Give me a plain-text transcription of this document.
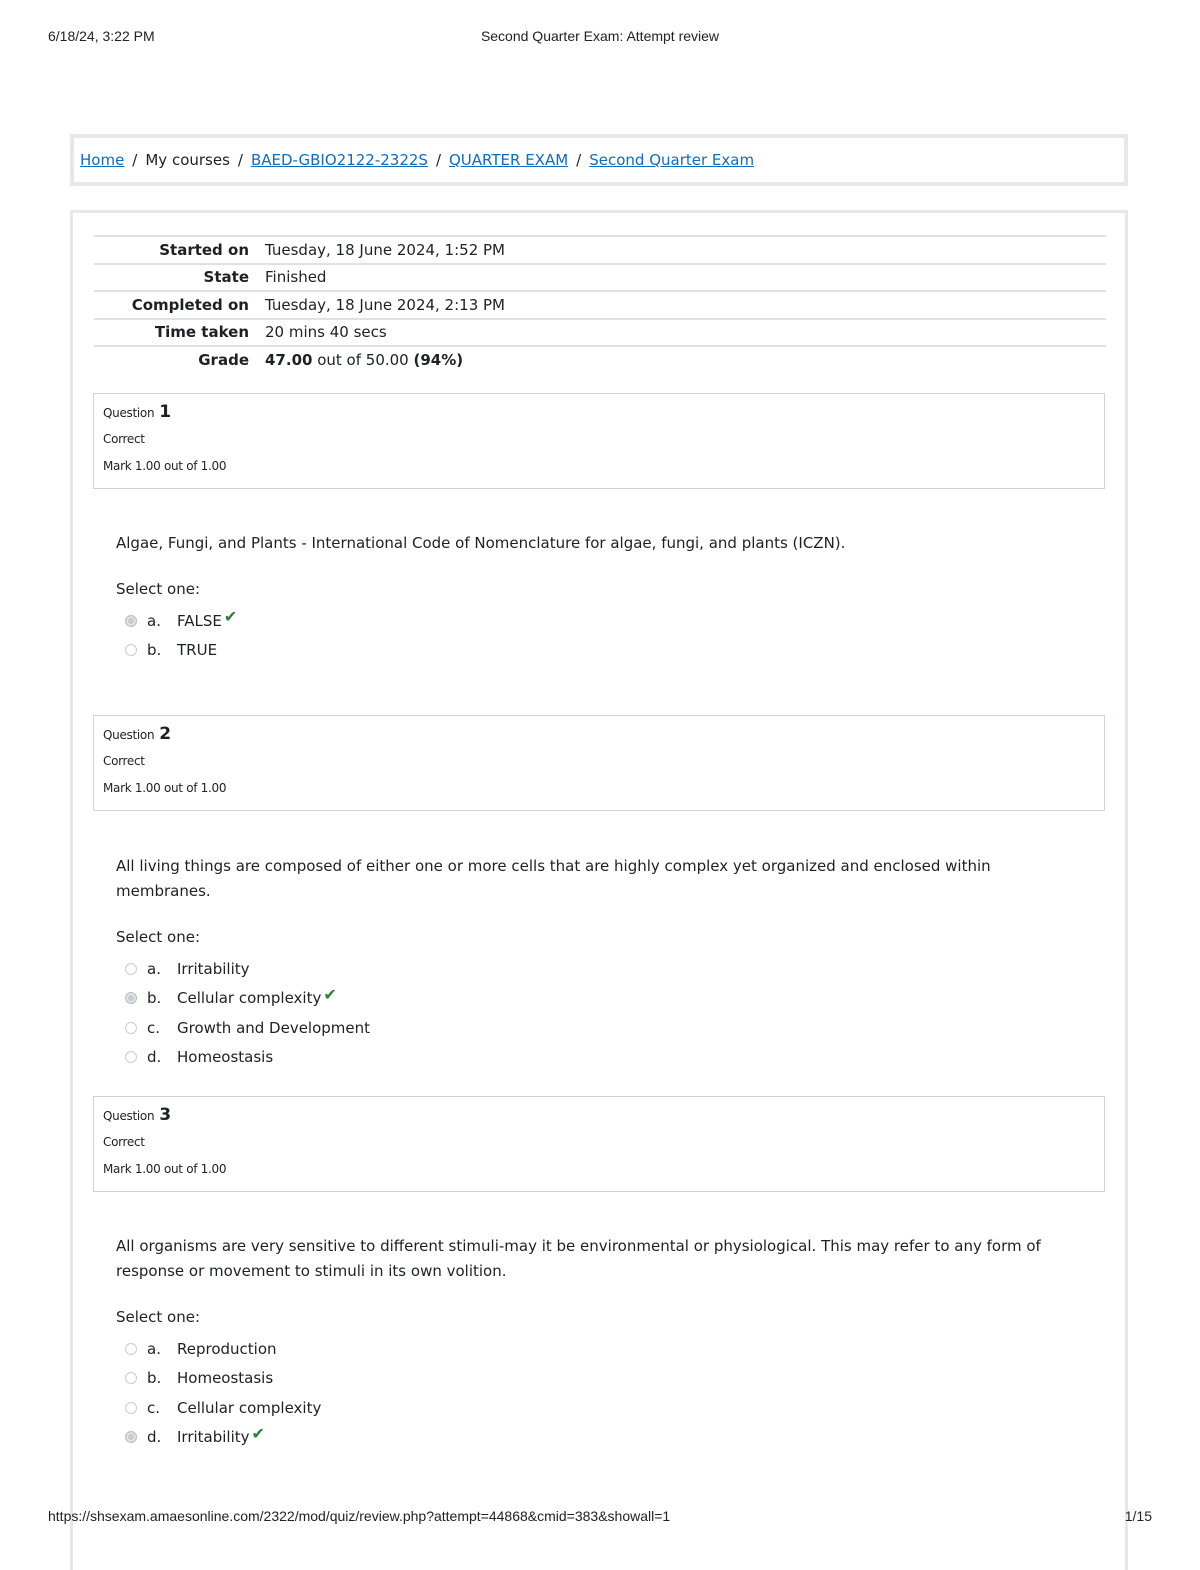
6/18/24, 3:22 PM	Second Quarter Exam: Attempt review
Home / My courses / BAED-GBIO2122-2322S / QUARTER EXAM / Second Quarter Exam
Started on	Tuesday, 18 June 2024, 1:52 PM
State	Finished
Completed on	Tuesday, 18 June 2024, 2:13 PM
Time taken	20 mins 40 secs
Grade	47.00 out of 50.00 (94%)
Question 1
Correct
Mark 1.00 out of 1.00

Algae, Fungi, and Plants - International Code of Nomenclature for algae, fungi, and plants (ICZN).

Select one:
a.	FALSE ✔
b.	TRUE
Question 2
Correct
Mark 1.00 out of 1.00

All living things are composed of either one or more cells that are highly complex yet organized and enclosed within membranes.

Select one:
a.	Irritability
b.	Cellular complexity ✔
c.	Growth and Development
d.	Homeostasis
Question 3
Correct
Mark 1.00 out of 1.00

All organisms are very sensitive to different stimuli-may it be environmental or physiological. This may refer to any form of response or movement to stimuli in its own volition.

Select one:
a.	Reproduction
b.	Homeostasis
c.	Cellular complexity
d.	Irritability ✔
https://shsexam.amaesonline.com/2322/mod/quiz/review.php?attempt=44868&cmid=383&showall=1	1/15
